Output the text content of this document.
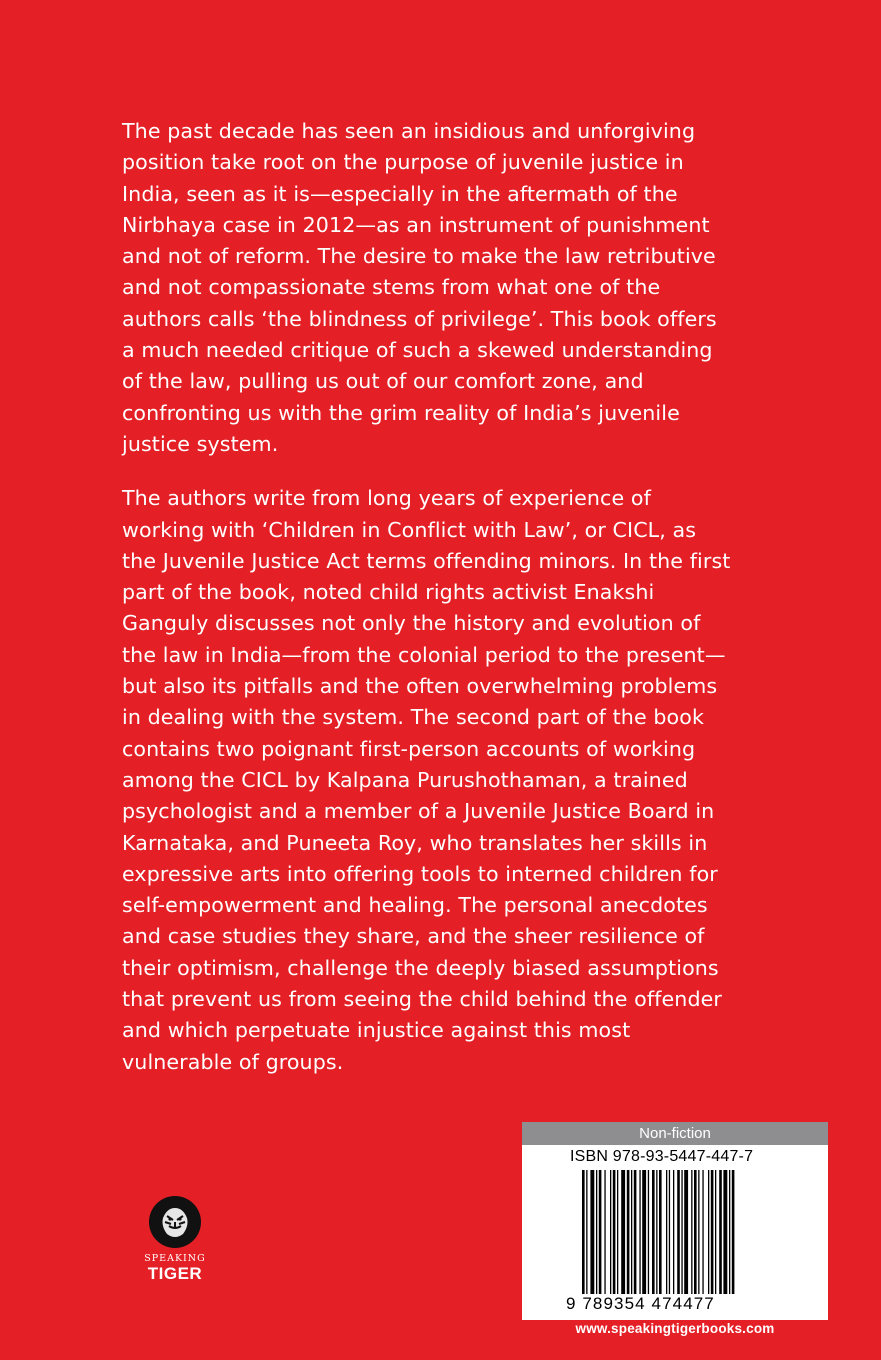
The past decade has seen an insidious and unforgiving position take root on the purpose of juvenile justice in India, seen as it is—especially in the aftermath of the Nirbhaya case in 2012—as an instrument of punishment and not of reform. The desire to make the law retributive and not compassionate stems from what one of the authors calls ‘the blindness of privilege’. This book offers a much needed critique of such a skewed understanding of the law, pulling us out of our comfort zone, and confronting us with the grim reality of India’s juvenile justice system.

The authors write from long years of experience of working with ‘Children in Conflict with Law’, or CICL, as the Juvenile Justice Act terms offending minors. In the first part of the book, noted child rights activist Enakshi Ganguly discusses not only the history and evolution of the law in India—from the colonial period to the present—but also its pitfalls and the often overwhelming problems in dealing with the system. The second part of the book contains two poignant first-person accounts of working among the CICL by Kalpana Purushothaman, a trained psychologist and a member of a Juvenile Justice Board in Karnataka, and Puneeta Roy, who translates her skills in expressive arts into offering tools to interned children for self-empowerment and healing. The personal anecdotes and case studies they share, and the sheer resilience of their optimism, challenge the deeply biased assumptions that prevent us from seeing the child behind the offender and which perpetuate injustice against this most vulnerable of groups.

SPEAKING
TIGER
Non-fiction
ISBN 978-93-5447-447-7
9 789354 474477
www.speakingtigerbooks.com
